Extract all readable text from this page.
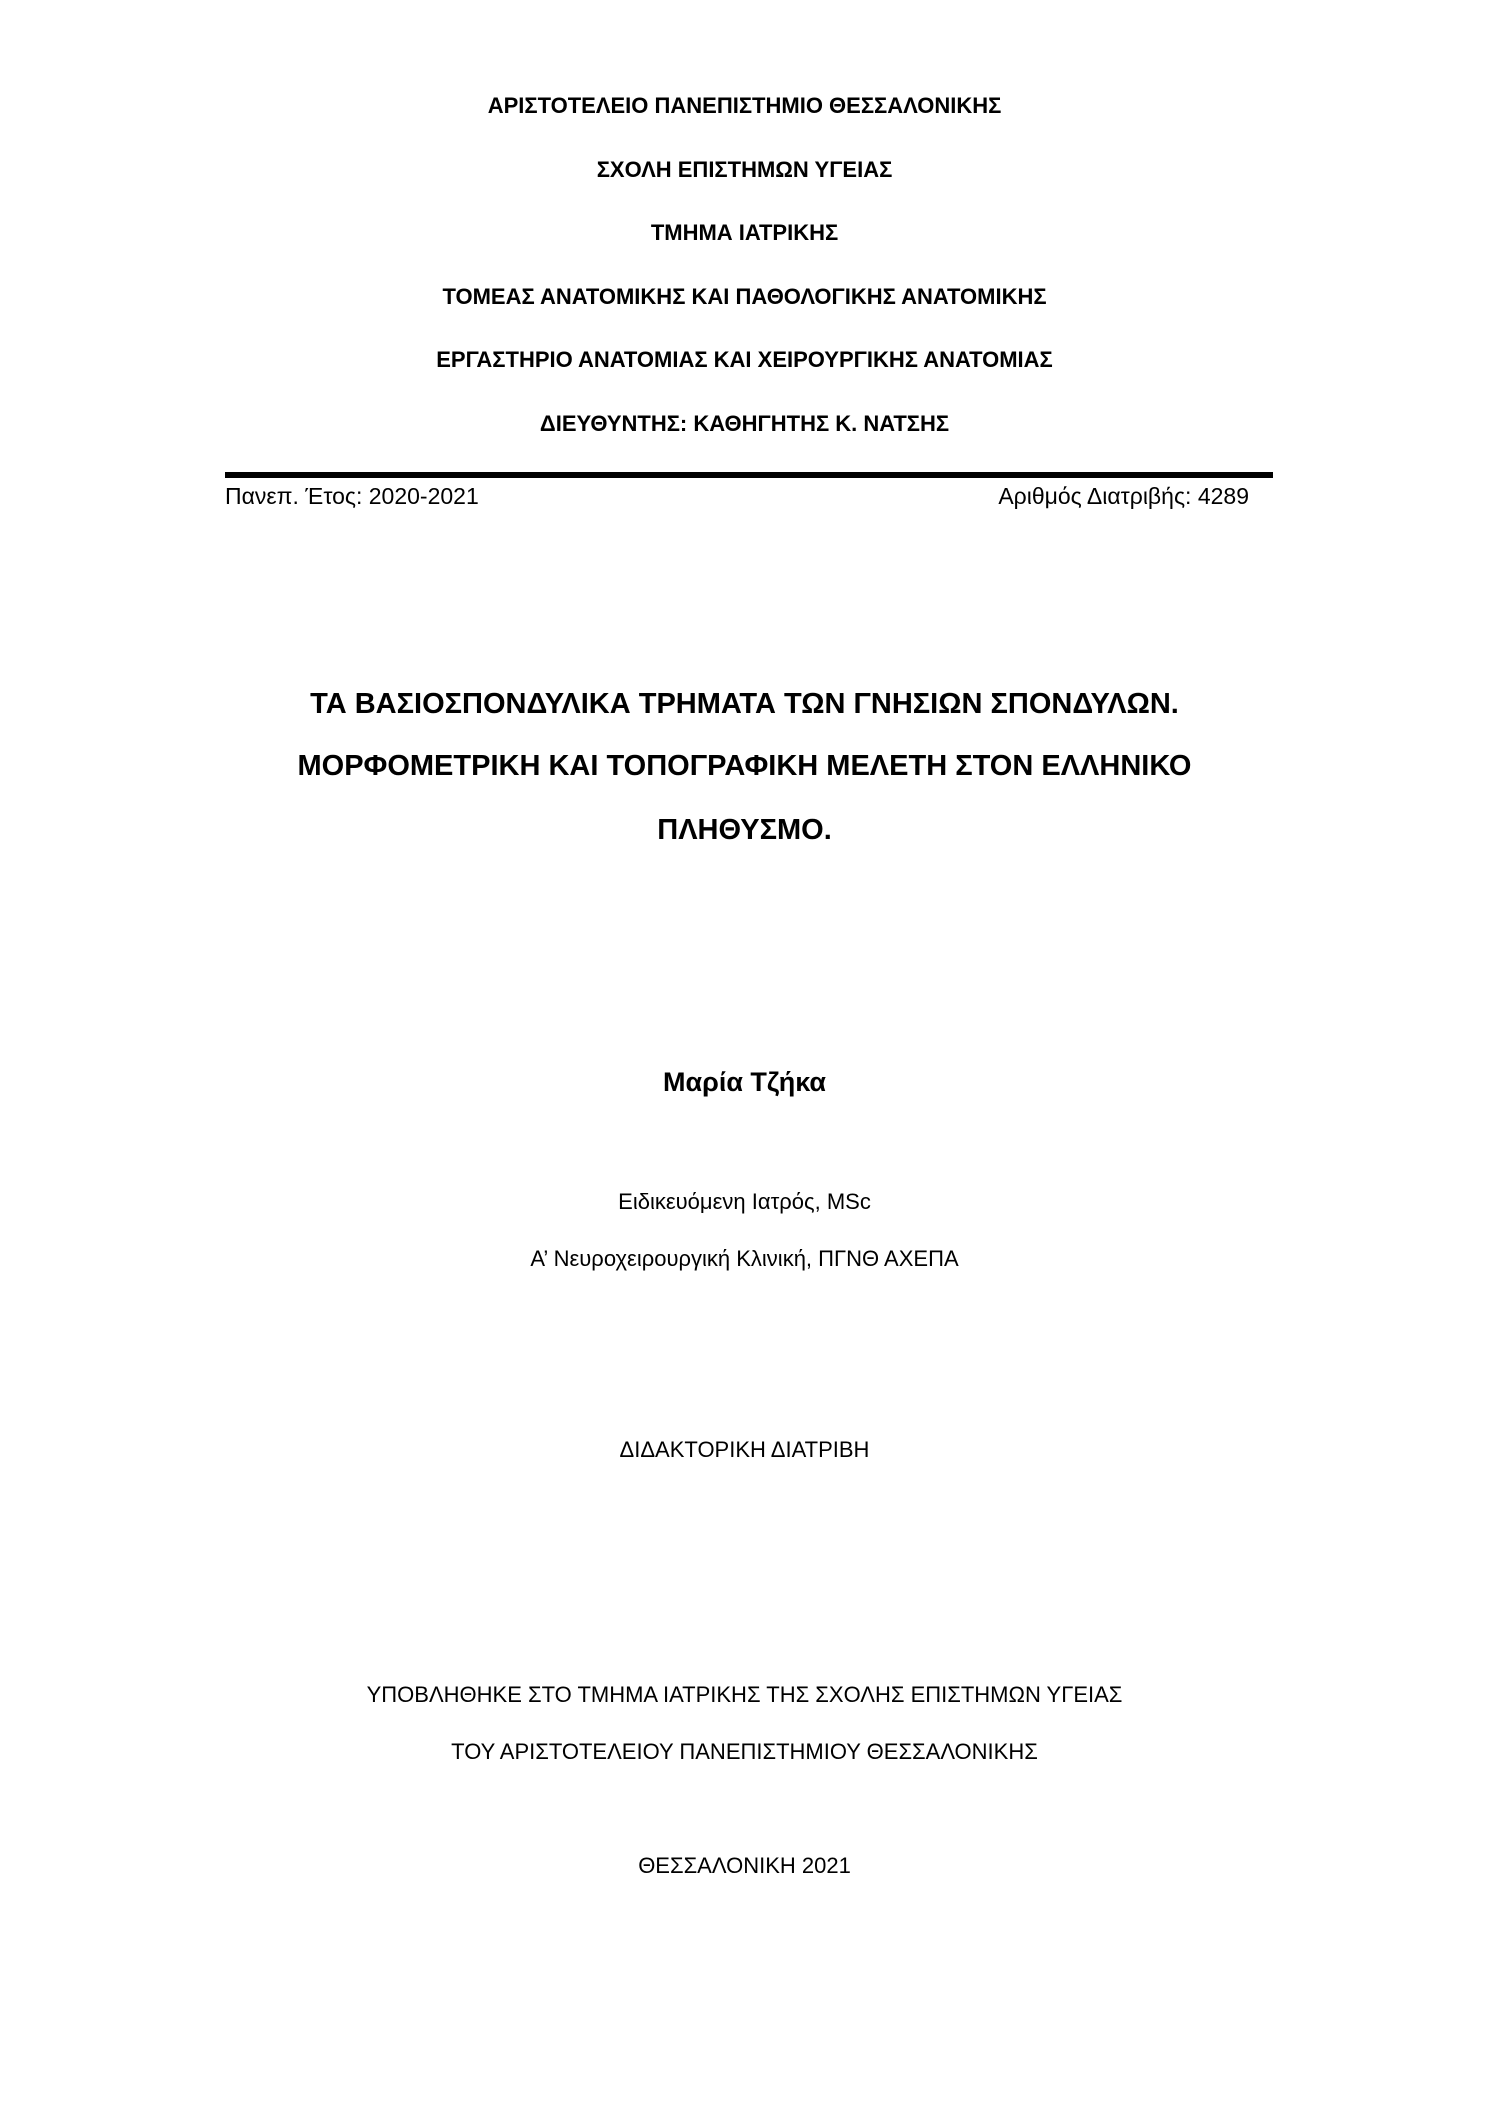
ΑΡΙΣΤΟΤΕΛΕΙΟ ΠΑΝΕΠΙΣΤΗΜΙΟ ΘΕΣΣΑΛΟΝΙΚΗΣ
ΣΧΟΛΗ ΕΠΙΣΤΗΜΩΝ ΥΓΕΙΑΣ
ΤΜΗΜΑ ΙΑΤΡΙΚΗΣ
ΤΟΜΕΑΣ ΑΝΑΤΟΜΙΚΗΣ ΚΑΙ ΠΑΘΟΛΟΓΙΚΗΣ ΑΝΑΤΟΜΙΚΗΣ
ΕΡΓΑΣΤΗΡΙΟ ΑΝΑΤΟΜΙΑΣ ΚΑΙ ΧΕΙΡΟΥΡΓΙΚΗΣ ΑΝΑΤΟΜΙΑΣ
ΔΙΕΥΘΥΝΤΗΣ: ΚΑΘΗΓΗΤΗΣ Κ. ΝΑΤΣΗΣ
Πανεπ. Έτος: 2020-2021	Αριθμός Διατριβής: 4289
ΤΑ ΒΑΣΙΟΣΠΟΝΔΥΛΙΚΑ ΤΡΗΜΑΤΑ ΤΩΝ ΓΝΗΣΙΩΝ ΣΠΟΝΔΥΛΩΝ.
ΜΟΡΦΟΜΕΤΡΙΚΗ ΚΑΙ ΤΟΠΟΓΡΑΦΙΚΗ ΜΕΛΕΤΗ ΣΤΟΝ ΕΛΛΗΝΙΚΟ
ΠΛΗΘΥΣΜΟ.
Μαρία Τζήκα
Ειδικευόμενη Ιατρός, MSc
Α’ Νευροχειρουργική Κλινική, ΠΓΝΘ ΑΧΕΠΑ
ΔΙΔΑΚΤΟΡΙΚΗ ΔΙΑΤΡΙΒΗ
ΥΠΟΒΛΗΘΗΚΕ ΣΤΟ ΤΜΗΜΑ ΙΑΤΡΙΚΗΣ ΤΗΣ ΣΧΟΛΗΣ ΕΠΙΣΤΗΜΩΝ ΥΓΕΙΑΣ
ΤΟΥ ΑΡΙΣΤΟΤΕΛΕΙΟΥ ΠΑΝΕΠΙΣΤΗΜΙΟΥ ΘΕΣΣΑΛΟΝΙΚΗΣ
ΘΕΣΣΑΛΟΝΙΚΗ 2021
